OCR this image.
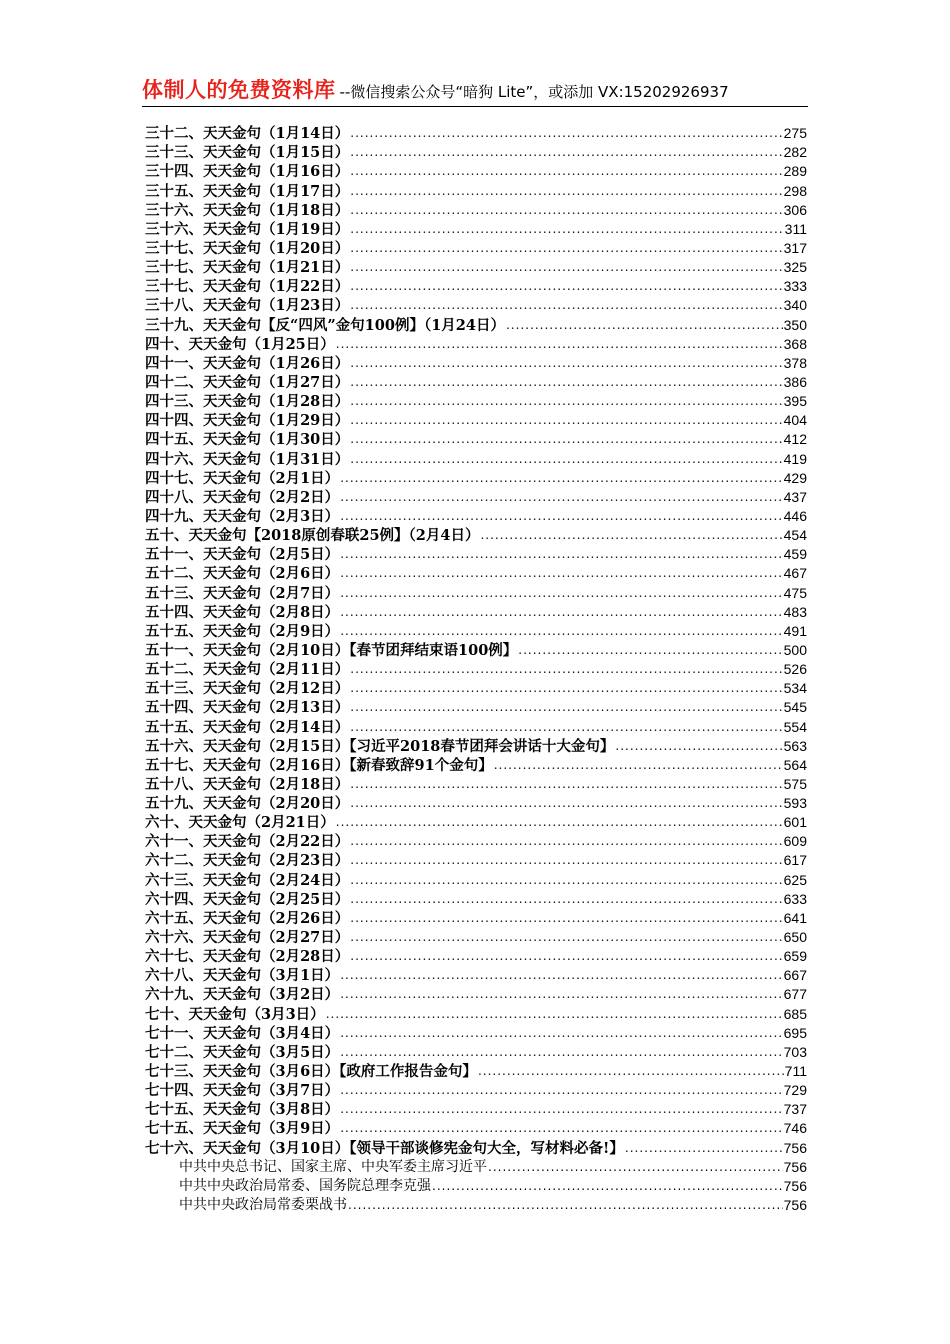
体制人的免费资料库 --微信搜索公众号“暗狗 Lite”，或添加 VX:15202926937
三十二、天天金句（1月14日） .....	275
三十三、天天金句（1月15日） .....	282
三十四、天天金句（1月16日） .....	289
三十五、天天金句（1月17日） .....	298
三十六、天天金句（1月18日） .....	306
三十六、天天金句（1月19日） .....	311
三十七、天天金句（1月20日） .....	317
三十七、天天金句（1月21日） .....	325
三十七、天天金句（1月22日） .....	333
三十八、天天金句（1月23日） .....	340
三十九、天天金句【反“四风”金句100例】（1月24日） .....	350
四十、天天金句（1月25日） .....	368
四十一、天天金句（1月26日） .....	378
四十二、天天金句（1月27日） .....	386
四十三、天天金句（1月28日） .....	395
四十四、天天金句（1月29日） .....	404
四十五、天天金句（1月30日） .....	412
四十六、天天金句（1月31日） .....	419
四十七、天天金句（2月1日） .....	429
四十八、天天金句（2月2日） .....	437
四十九、天天金句（2月3日） .....	446
五十、天天金句【2018原创春联25例】（2月4日） .....	454
五十一、天天金句（2月5日） .....	459
五十二、天天金句（2月6日） .....	467
五十三、天天金句（2月7日） .....	475
五十四、天天金句（2月8日） .....	483
五十五、天天金句（2月9日） .....	491
五十一、天天金句（2月10日）【春节团拜结束语100例】 .....	500
五十二、天天金句（2月11日） .....	526
五十三、天天金句（2月12日） .....	534
五十四、天天金句（2月13日） .....	545
五十五、天天金句（2月14日） .....	554
五十六、天天金句（2月15日）【习近平2018春节团拜会讲话十大金句】 .....	563
五十七、天天金句（2月16日）【新春致辞91个金句】 .....	564
五十八、天天金句（2月18日） .....	575
五十九、天天金句（2月20日） .....	593
六十、天天金句（2月21日） .....	601
六十一、天天金句（2月22日） .....	609
六十二、天天金句（2月23日） .....	617
六十三、天天金句（2月24日） .....	625
六十四、天天金句（2月25日） .....	633
六十五、天天金句（2月26日） .....	641
六十六、天天金句（2月27日） .....	650
六十七、天天金句（2月28日） .....	659
六十八、天天金句（3月1日） .....	667
六十九、天天金句（3月2日） .....	677
七十、天天金句（3月3日） .....	685
七十一、天天金句（3月4日） .....	695
七十二、天天金句（3月5日） .....	703
七十三、天天金句（3月6日）【政府工作报告金句】 .....	711
七十四、天天金句（3月7日） .....	729
七十五、天天金句（3月8日） .....	737
七十五、天天金句（3月9日） .....	746
七十六、天天金句（3月10日）【领导干部谈修宪金句大全，写材料必备!】 .....	756
中共中央总书记、国家主席、中央军委主席习近平 .....	756
中共中央政治局常委、国务院总理李克强 .....	756
中共中央政治局常委栗战书 .....	756
